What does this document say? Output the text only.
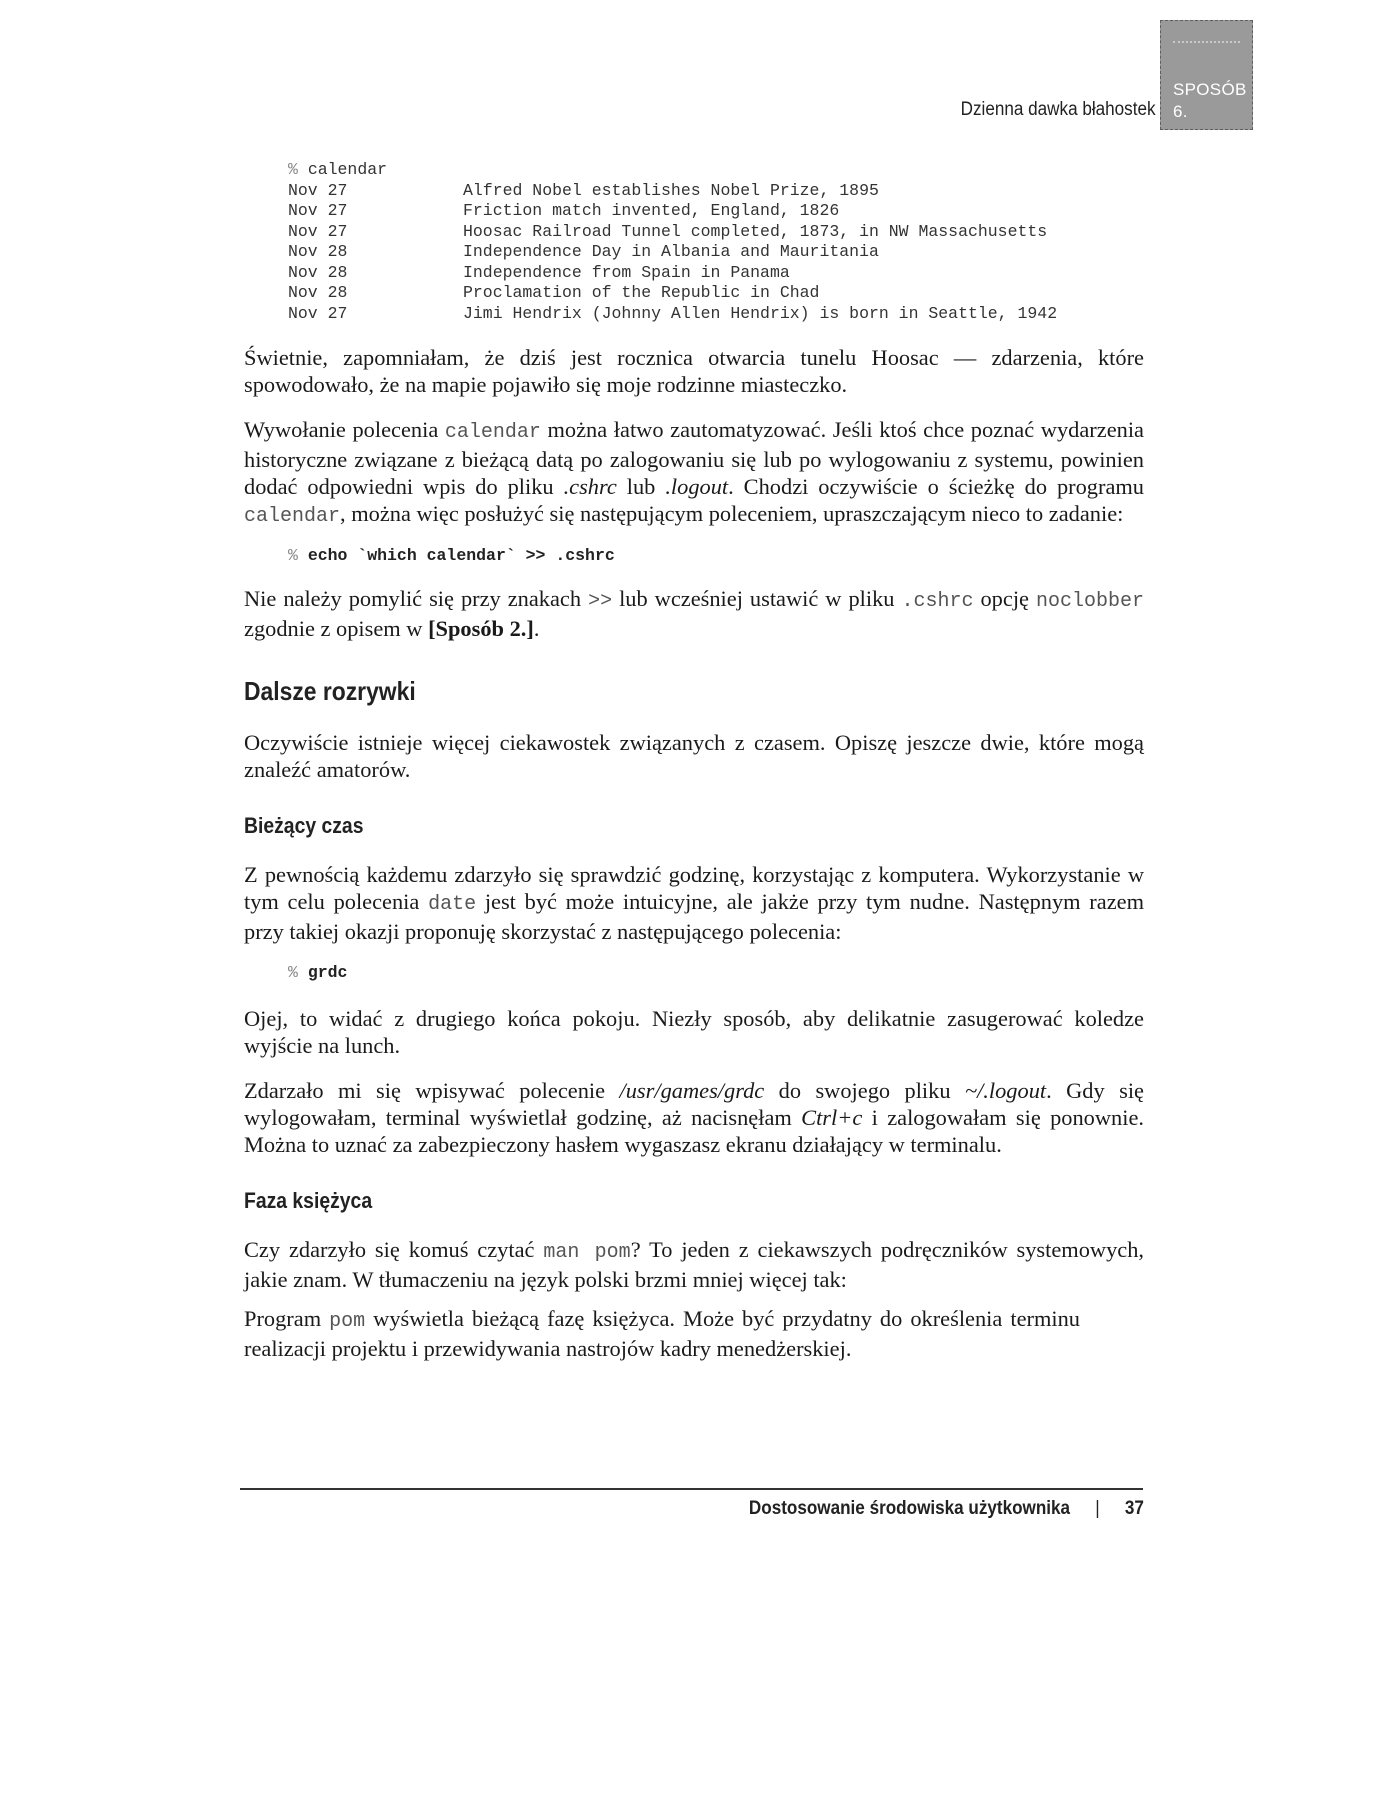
Dzienna dawka błahostek
SPOSÓB
6.
% calendar

Nov 27	Alfred Nobel establishes Nobel Prize, 1895
Nov 27	Friction match invented, England, 1826
Nov 27	Hoosac Railroad Tunnel completed, 1873, in NW Massachusetts
Nov 28	Independence Day in Albania and Mauritania
Nov 28	Independence from Spain in Panama
Nov 28	Proclamation of the Republic in Chad
Nov 27	Jimi Hendrix (Johnny Allen Hendrix) is born in Seattle, 1942

Świetnie, zapomniałam, że dziś jest rocznica otwarcia tunelu Hoosac — zdarzenia, które spowodowało, że na mapie pojawiło się moje rodzinne miasteczko.

Wywołanie polecenia calendar można łatwo zautomatyzować. Jeśli ktoś chce poznać wydarzenia historyczne związane z bieżącą datą po zalogowaniu się lub po wylogowaniu z systemu, powinien dodać odpowiedni wpis do pliku .cshrc lub .logout. Chodzi oczywiście o ścieżkę do programu calendar, można więc posłużyć się następującym poleceniem, upraszczającym nieco to zadanie:

% echo `which calendar` >> .cshrc

Nie należy pomylić się przy znakach >> lub wcześniej ustawić w pliku .cshrc opcję noclobber zgodnie z opisem w [Sposób 2.].

Dalsze rozrywki

Oczywiście istnieje więcej ciekawostek związanych z czasem. Opiszę jeszcze dwie, które mogą znaleźć amatorów.

Bieżący czas

Z pewnością każdemu zdarzyło się sprawdzić godzinę, korzystając z komputera. Wykorzystanie w tym celu polecenia date jest być może intuicyjne, ale jakże przy tym nudne. Następnym razem przy takiej okazji proponuję skorzystać z następującego polecenia:

% grdc

Ojej, to widać z drugiego końca pokoju. Niezły sposób, aby delikatnie zasugerować koledze wyjście na lunch.

Zdarzało mi się wpisywać polecenie /usr/games/grdc do swojego pliku ~/.logout. Gdy się wylogowałam, terminal wyświetlał godzinę, aż nacisnęłam Ctrl+c i zalogowałam się ponownie. Można to uznać za zabezpieczony hasłem wygaszasz ekranu działający w terminalu.

Faza księżyca

Czy zdarzyło się komuś czytać man pom? To jeden z ciekawszych podręczników systemowych, jakie znam. W tłumaczeniu na język polski brzmi mniej więcej tak:

Program pom wyświetla bieżącą fazę księżyca. Może być przydatny do określenia terminu realizacji projektu i przewidywania nastrojów kadry menedżerskiej.

Dostosowanie środowiska użytkownika | 37
